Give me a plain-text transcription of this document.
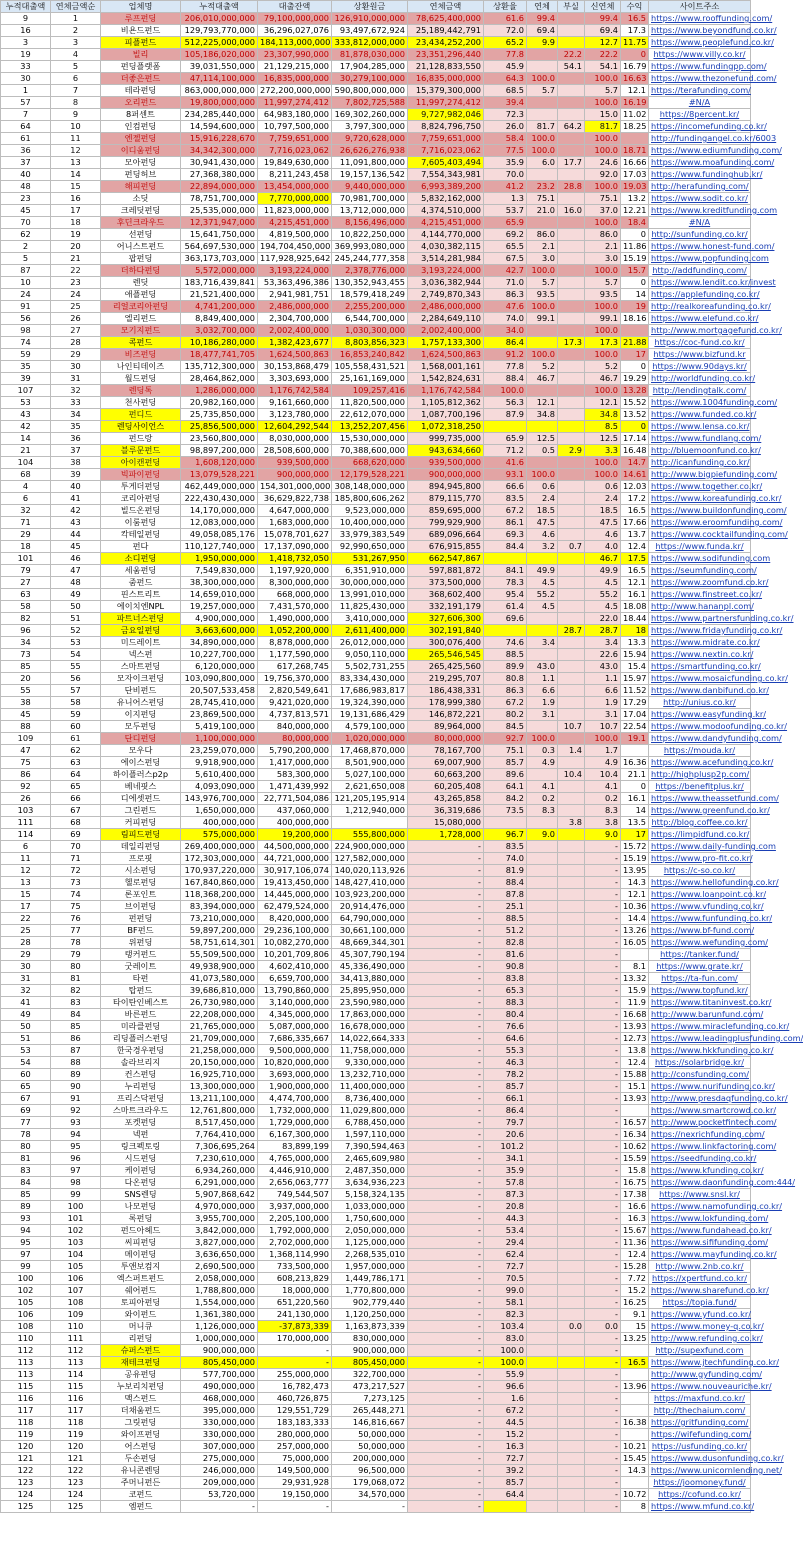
누적대출액	연체금액순	업체명	누적대출액	대출잔액	상환원금	연체금액	상환율	연체	부실	신연체	수익	사이트주소
9	1	루프펀딩	206,010,000,000	79,100,000,000	126,910,000,000	78,625,400,000	61.6	99.4		99.4	16.5	https://www.rooffunding.com/
16	2	비욘드펀드	129,793,770,000	36,296,027,076	93,497,672,924	25,189,442,791	72.0	69.4		69.4	17.3	https://www.beyondfund.co.kr/
3	3	피플펀드	512,225,000,000	184,113,000,000	333,812,000,000	23,434,252,200	65.2	9.9		12.7	11.75	https://www.peoplefund.co.kr/
19	4	빌리	105,186,020,000	23,307,990,000	81,878,030,000	23,351,296,440	77.8		22.2	22.2	0	https://www.villy.co.kr/
33	5	펀딩플랫폼	39,031,550,000	21,129,215,000	17,904,285,000	21,128,833,550	45.9		54.1	54.1	16.79	https://www.fundingpp.com/
30	6	더좋은펀드	47,114,100,000	16,835,000,000	30,279,100,000	16,835,000,000	64.3	100.0		100.0	16.63	https://www.thezonefund.com/
1	7	테라펀딩	863,000,000,000	272,200,000,000	590,800,000,000	15,379,300,000	68.5	5.7		5.7	12.1	https://terafunding.com/
57	8	오리펀드	19,800,000,000	11,997,274,412	7,802,725,588	11,997,274,412	39.4			100.0	16.19	#N/A
7	9	8퍼센트	234,285,440,000	64,983,180,000	169,302,260,000	9,727,982,046	72.3			15.0	11.02	https://8percent.kr/
64	10	인컴펀딩	14,594,600,000	10,797,500,000	3,797,300,000	8,824,796,750	26.0	81.7	64.2	81.7	18.25	https://incomefunding.co.kr/
61	11	엔젤펀딩	15,916,228,670	7,759,651,000	9,720,628,000	7,759,651,000	58.4	100.0		100.0		http://fundingangel.co.kr/6003
36	12	이디움펀딩	34,342,300,000	7,716,023,062	26,626,276,938	7,716,023,062	77.5	100.0		100.0	18.71	https://www.ediumfunding.com/
37	13	모아펀딩	30,941,430,000	19,849,630,000	11,091,800,000	7,605,403,494	35.9	6.0	17.7	24.6	16.66	https://www.moafunding.com/
40	14	펀딩허브	27,368,380,000	8,211,243,458	19,157,136,542	7,554,343,981	70.0			92.0	17.03	https://www.fundinghub.kr/
48	15	해피펀딩	22,894,000,000	13,454,000,000	9,440,000,000	6,993,389,200	41.2	23.2	28.8	100.0	19.03	http://herafunding.com/
23	16	소딧	78,751,700,000	7,770,000,000	70,981,700,000	5,832,162,000	1.3	75.1		75.1	13.2	https://www.sodit.co.kr/
45	17	크레딧펀딩	25,535,000,000	11,823,000,000	13,712,000,000	4,374,510,000	53.7	21.0	16.0	37.0	12.21	https://www.kreditfunding.com
70	18	후딘크라우드	12,371,947,000	4,215,451,000	8,156,496,000	4,215,451,000	65.9			100.0	18.4	#N/A
62	19	선펀딩	15,641,750,000	4,819,500,000	10,822,250,000	4,144,770,000	69.2	86.0		86.0	0	http://sunfunding.co.kr/
2	20	어니스트펀드	564,697,530,000	194,704,450,000	369,993,080,000	4,030,382,115	65.5	2.1		2.1	11.86	https://www.honest-fund.com/
5	21	팝펀딩	363,173,703,000	117,928,925,642	245,244,777,358	3,514,281,984	67.5	3.0		3.0	15.19	https://www.popfunding.com
87	22	더하다펀딩	5,572,000,000	3,193,224,000	2,378,776,000	3,193,224,000	42.7	100.0		100.0	15.7	http://addfunding.com/
10	23	렌딧	183,716,439,841	53,363,496,386	130,352,943,455	3,036,382,944	71.0	5.7		5.7	0	https://www.lendit.co.kr/invest
24	24	애플펀딩	21,521,400,000	2,941,981,751	18,579,418,249	2,749,870,343	86.3	93.5		93.5	14	https://applefunding.co.kr/
91	25	리얼코리아펀딩	4,741,200,000	2,486,000,000	2,255,200,000	2,486,000,000	47.6	100.0		100.0	19	http://realkoreafunding.co.kr/
56	26	엘리펀드	8,849,400,000	2,304,700,000	6,544,700,000	2,284,649,110	74.0	99.1		99.1	18.16	https://www.elefund.co.kr/
98	27	모기지펀드	3,032,700,000	2,002,400,000	1,030,300,000	2,002,400,000	34.0			100.0		http://www.mortgagefund.co.kr/
74	28	콕펀드	10,186,280,000	1,382,423,677	8,803,856,323	1,757,133,300	86.4		17.3	17.3	21.88	https://coc-fund.co.kr/
59	29	비즈펀딩	18,477,741,705	1,624,500,863	16,853,240,842	1,624,500,863	91.2	100.0		100.0	17	https://www.bizfund.kr
35	30	나인티데이즈	135,712,300,000	30,153,868,479	105,558,431,521	1,568,001,161	77.8	5.2		5.2	0	https://www.90days.kr/
39	31	월드펀딩	28,464,862,000	3,303,693,000	25,161,169,000	1,542,824,631	88.4	46.7		46.7	19.29	http://worldfunding.co.kr/
107	32	렌딩톡	1,286,000,000	1,176,742,584	109,257,416	1,176,742,584	100.0			100.0	13.28	http://lendingtalk.com/
53	33	천사펀딩	20,982,160,000	9,161,660,000	11,820,500,000	1,105,812,362	56.3	12.1		12.1	15.52	https://www.1004funding.com/
43	34	펀디드	25,735,850,000	3,123,780,000	22,612,070,000	1,087,700,196	87.9	34.8		34.8	13.52	https://www.funded.co.kr/
42	35	렌딩사이언스	25,856,500,000	12,604,292,544	13,252,207,456	1,072,318,250				8.5	0	https://www.lensa.co.kr/
14	36	펀드랑	23,560,800,000	8,030,000,000	15,530,000,000	999,735,000	65.9	12.5		12.5	17.14	https://www.fundlang.com/
21	37	블루문펀드	98,897,200,000	28,508,600,000	70,388,600,000	943,634,660	71.2	0.5	2.9	3.3	16.48	http://bluemoonfund.co.kr/
104	38	아이캔펀딩	1,608,120,000	939,500,000	668,620,000	939,500,000	41.6			100.0	14.7	http://icanfunding.co.kr/
68	39	빅파이펀딩	13,079,528,221	900,000,000	12,179,528,221	900,000,000	93.1	100.0		100.0	14.61	http://www.bigpiefunding.com/
4	40	투게더펀딩	462,449,000,000	154,301,000,000	308,148,000,000	894,945,800	66.6	0.6		0.6	12.03	https://www.together.co.kr/
6	41	코리아펀딩	222,430,430,000	36,629,822,738	185,800,606,262	879,115,770	83.5	2.4		2.4	17.2	https://www.koreafunding.co.kr/
32	42	빌드온펀딩	14,170,000,000	4,647,000,000	9,523,000,000	859,695,000	67.2	18.5		18.5	16.5	https://www.buildonfunding.com/
71	43	이룸펀딩	12,083,000,000	1,683,000,000	10,400,000,000	799,929,900	86.1	47.5		47.5	17.66	https://www.eroomfunding.com/
29	44	칵테일펀딩	49,058,085,176	15,078,701,627	33,979,383,549	689,096,664	69.3	4.6		4.6	13.7	https://www.cocktailfunding.com/
18	45	펀다	110,127,740,000	17,137,090,000	92,990,650,000	676,915,855	84.4	3.2	0.7	4.0	12.4	https://www.funda.kr/
101	46	소디펀딩	1,950,000,000	1,418,732,050	531,267,950	662,547,867				46.7	17.5	https://www.sodifunding.com
79	47	세움펀딩	7,549,830,000	1,197,920,000	6,351,910,000	597,881,872	84.1	49.9		49.9	16.5	https://seumfunding.com/
27	48	줌펀드	38,300,000,000	8,300,000,000	30,000,000,000	373,500,000	78.3	4.5		4.5	12.1	https://www.zoomfund.co.kr/
63	49	핀스트리트	14,659,010,000	668,000,000	13,991,010,000	368,602,400	95.4	55.2		55.2	16.1	https://www.finstreet.co.kr/
58	50	에이치엔NPL	19,257,000,000	7,431,570,000	11,825,430,000	332,191,179	61.4	4.5		4.5	18.08	http://www.hananpl.com/
82	51	파트너스펀딩	4,900,000,000	1,490,000,000	3,410,000,000	327,606,300	69.6			22.0	18.44	https://www.partnersfunding.co.kr/
96	52	금요일펀딩	3,663,600,000	1,052,200,000	2,611,400,000	302,191,840			28.7	28.7	18	https://www.fridayfunding.co.kr/
34	53	미드레이트	34,890,000,000	8,878,000,000	26,012,000,000	300,076,400	74.6	3.4		3.4	13.3	https://www.midrate.co.kr/
73	54	넥스펀	10,227,700,000	1,177,590,000	9,050,110,000	265,546,545	88.5			22.6	15.94	https://www.nextin.co.kr/
85	55	스마트펀딩	6,120,000,000	617,268,745	5,502,731,255	265,425,560	89.9	43.0		43.0	15.4	https://smartfunding.co.kr/
20	56	모자이크펀딩	103,090,800,000	19,756,370,000	83,334,430,000	219,295,707	80.8	1.1		1.1	15.97	https://www.mosaicfunding.co.kr/
55	57	단비펀드	20,507,533,458	2,820,549,641	17,686,983,817	186,438,331	86.3	6.6		6.6	11.52	https://www.danbifund.co.kr/
38	58	유니어스펀딩	28,745,410,000	9,421,020,000	19,324,390,000	178,999,380	67.2	1.9		1.9	17.29	http://unius.co.kr/
45	59	이지펀딩	23,869,500,000	4,737,813,571	19,131,686,429	146,872,221	80.2	3.1		3.1	17.04	https://www.easyfunding.kr/
88	60	모두펀딩	5,419,100,000	840,000,000	4,579,100,000	89,964,000	84.5		10.7	10.7	22.54	https://www.modoofunding.co.kr/
109	61	단디펀딩	1,100,000,000	80,000,000	1,020,000,000	80,000,000	92.7	100.0		100.0	19.1	https://www.dandyfunding.com/
47	62	모우다	23,259,070,000	5,790,200,000	17,468,870,000	78,167,700	75.1	0.3	1.4	1.7		https://mouda.kr/
75	63	에이스펀딩	9,918,900,000	1,417,000,000	8,501,900,000	69,007,900	85.7	4.9		4.9	16.36	https://www.acefunding.co.kr/
86	64	하이플러스p2p	5,610,400,000	583,300,000	5,027,100,000	60,663,200	89.6		10.4	10.4	21.1	http://highplusp2p.com/
92	65	베네핏스	4,093,090,000	1,471,439,992	2,621,650,008	60,205,408	64.1	4.1		4.1	0	https://benefitplus.kr/
26	66	디에셋펀드	143,976,700,000	22,771,504,086	121,205,195,914	43,265,858	84.2	0.2		0.2	16.1	https://www.theassetfund.com/
103	67	그린펀드	1,650,000,000	437,060,000	1,212,940,000	36,319,686	73.5	8.3		8.3	14	https://www.greenfund.co.kr/
111	68	커피펀딩	400,000,000	400,000,000		15,080,000			3.8	3.8	13.5	http://blog.coffee.co.kr/
114	69	림피드펀딩	575,000,000	19,200,000	555,800,000	1,728,000	96.7	9.0		9.0	17	https://limpidfund.co.kr/
6	70	데일리펀딩	269,400,000,000	44,500,000,000	224,900,000,000	-	83.5			-	15.72	https://www.daily-funding.com
11	71	프로핏	172,303,000,000	44,721,000,000	127,582,000,000	-	74.0			-	15.19	https://www.pro-fit.co.kr/
12	72	시소펀딩	170,937,220,000	30,917,106,074	140,020,113,926	-	81.9			-	13.95	https://c-so.co.kr/
13	73	헬로펀딩	167,840,860,000	19,413,450,000	148,427,410,000	-	88.4			-	14.3	https://www.hellofunding.co.kr/
15	74	론포인트	118,368,200,000	14,445,000,000	103,923,200,000	-	87.8			-	12.1	https://www.loanpoint.co.kr/
17	75	브이펀딩	83,394,000,000	62,479,524,000	20,914,476,000	-	25.1			-	10.36	https://www.vfunding.co.kr/
22	76	펀펀딩	73,210,000,000	8,420,000,000	64,790,000,000	-	88.5			-	14.4	https://www.funfunding.co.kr/
25	77	BF펀드	59,897,200,000	29,236,100,000	30,661,100,000	-	51.2			-	13.26	https://www.bf-fund.com/
28	78	위펀딩	58,751,614,301	10,082,270,000	48,669,344,301	-	82.8			-	16.05	https://www.wefunding.com/
29	79	탱커펀드	55,509,500,000	10,201,709,806	45,307,790,194	-	81.6			-		https://tanker.fund/
30	80	굿레이트	49,938,900,000	4,602,410,000	45,336,490,000	-	90.8			-	8.1	https://www.grate.kr/
31	81	타펀	41,073,580,000	6,659,700,000	34,413,880,000	-	83.8			-	13.32	https://ta-fun.com/
32	82	탑펀드	39,686,810,000	13,790,860,000	25,895,950,000	-	65.3			-	15.9	https://www.topfund.kr/
41	83	타이탄인베스트	26,730,980,000	3,140,000,000	23,590,980,000	-	88.3			-	11.9	https://www.titaninvest.co.kr/
49	84	바른펀드	22,208,000,000	4,345,000,000	17,863,000,000	-	80.4			-	16.68	http://www.barunfund.com/
50	85	미라클펀딩	21,765,000,000	5,087,000,000	16,678,000,000	-	76.6			-	13.93	https://www.miraclefunding.co.kr/
51	86	리딩플러스펀딩	21,709,000,000	7,686,335,667	14,022,664,333	-	64.6			-	12.73	https://www.leadingplusfunding.com/
53	87	한국경우펀딩	21,258,000,000	9,500,000,000	11,758,000,000	-	55.3			-	13.8	https://www.hkkfunding.co.kr/
54	88	솔라브리지	20,150,000,000	10,820,000,000	9,330,000,000	-	46.3			-	12.4	https://solarbridge.kr/
60	89	컨스펀딩	16,925,710,000	3,693,000,000	13,232,710,000	-	78.2			-	15.88	http://consfunding.com/
65	90	누리펀딩	13,300,000,000	1,900,000,000	11,400,000,000	-	85.7			-	15.1	https://www.nurifunding.co.kr/
67	91	프리스닥펀딩	13,211,100,000	4,474,700,000	8,736,400,000	-	66.1			-	13.93	http://www.presdaqfunding.co.kr/
69	92	스마트크라우드	12,761,800,000	1,732,000,000	11,029,800,000	-	86.4			-		https://www.smartcrowd.co.kr/
77	93	포켓펀딩	8,517,450,000	1,729,000,000	6,788,450,000	-	79.7			-	16.57	http://www.pocketfintech.com/
78	94	넥펀	7,764,410,000	6,167,300,000	1,597,110,000	-	20.6			-	16.34	https://nexrichfunding.com/
80	95	링크펙토링	7,306,695,264	83,899,199	7,390,594,463	-	101.2			-	10.62	https://www.linkfactoring.com/
81	96	시드펀딩	7,230,610,000	4,765,000,000	2,465,609,980	-	34.1			-	15.59	https://seedfunding.co.kr/
83	97	케이펀딩	6,934,260,000	4,446,910,000	2,487,350,000	-	35.9			-	15.8	https://www.kfunding.co.kr/
84	98	다온펀딩	6,291,000,000	2,656,063,777	3,634,936,223	-	57.8			-	16.75	https://www.daonfunding.com:444/
85	99	SNS렌딩	5,907,868,642	749,544,507	5,158,324,135	-	87.3			-	17.38	https://www.snsl.kr/
89	100	나모펀딩	4,970,000,000	3,937,000,000	1,033,000,000	-	20.8			-	16.6	https://www.namofunding.co.kr/
93	101	록펀딩	3,955,700,000	2,205,100,000	1,750,600,000	-	44.3			-	16.3	https://www.lokfunding.com/
94	102	펀드아헤드	3,842,000,000	1,792,000,000	2,050,000,000	-	53.4			-	15.67	https://www.fundahead.co.kr/
95	103	씨피펀딩	3,827,000,000	2,702,000,000	1,125,000,000	-	29.4			-	11.36	https://www.sififunding.com/
97	104	메이펀딩	3,636,650,000	1,368,114,990	2,268,535,010	-	62.4			-	12.4	https://www.mayfunding.co.kr/
99	105	투앤보컴지	2,690,500,000	733,500,000	1,957,000,000	-	72.7			-	15.28	http://www.2nb.co.kr/
100	106	엑스퍼트펀드	2,058,000,000	608,213,829	1,449,786,171	-	70.5			-	7.72	https://xpertfund.co.kr/
102	107	쉐어펀드	1,788,800,000	18,000,000	1,770,800,000	-	99.0			-	15.2	https://www.sharefund.co.kr/
105	108	토피아펀딩	1,554,000,000	651,220,560	902,779,440	-	58.1			-	16.25	https://topia.fund/
106	109	와이펀드	1,361,380,000	241,130,000	1,120,250,000	-	82.3			-	9.1	https://www.yfund.co.kr/
108	110	머니큐	1,126,000,000	-37,873,339	1,163,873,339	-	103.4		0.0	0.0	15	https://www.money-q.co.kr/
110	111	리펀딩	1,000,000,000	170,000,000	830,000,000	-	83.0			-	13.25	http://www.refunding.co.kr/
112	112	슈퍼스펀드	900,000,000	-	900,000,000	-	100.0			-		http://supexfund.com
113	113	재테크펀딩	805,450,000	-	805,450,000	-	100.0			-	16.5	https://www.jtechfunding.co.kr/
113	114	공유펀딩	577,700,000	255,000,000	322,700,000	-	55.9			-		http://www.gyfunding.com/
115	115	누보리치펀딩	490,000,000	16,782,473	473,217,527	-	96.6			-	13.96	https://www.nouveauriche.kr/
116	116	맥스펀드	468,000,000	460,726,875	7,273,125	-	1.6			-		https://maxfund.co.kr/
117	117	더채움펀드	395,000,000	129,551,729	265,448,271	-	67.2			-		http://thechaium.com/
118	118	그릿펀딩	330,000,000	183,183,333	146,816,667	-	44.5			-	16.38	https://gritfunding.com/
119	119	와이프펀딩	330,000,000	280,000,000	50,000,000	-	15.2			-		https://wifefunding.com/
120	120	어스펀딩	307,000,000	257,000,000	50,000,000	-	16.3			-	10.21	https://usfunding.co.kr/
121	121	두손펀딩	275,000,000	75,000,000	200,000,000	-	72.7			-	15.45	https://www.dusonfunding.co.kr/
122	122	유니콘렌딩	246,000,000	149,500,000	96,500,000	-	39.2			-	14.3	https://www.unicornlending.net/
123	123	주머니펀든	209,000,000	29,931,928	179,068,072	-	85.7			-		https://joomoney.fund/
124	124	코펀드	53,720,000	19,150,000	34,570,000	-	64.4			-	10.72	https://cofund.co.kr/
125	125	엠펀드	-	-	-	-				-	8	https://www.mfund.co.kr/
